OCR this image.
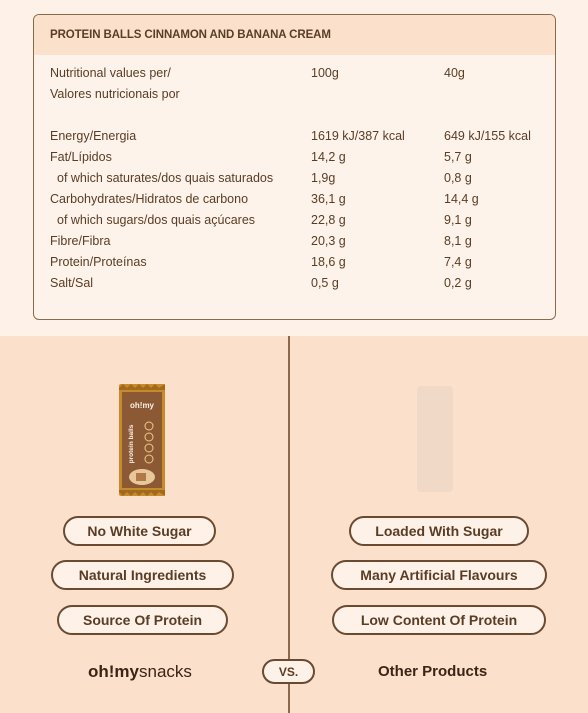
PROTEIN BALLS CINNAMON AND BANANA CREAM
Nutritional values per/	100g	40g
Valores nutricionais por
Energy/Energia	1619 kJ/387 kcal	649 kJ/155 kcal
Fat/Lípidos	14,2 g	5,7 g
of which saturates/dos quais saturados	1,9g	0,8 g
Carbohydrates/Hidratos de carbono	36,1 g	14,4 g
of which sugars/dos quais açúcares	22,8 g	9,1 g
Fibre/Fibra	20,3 g	8,1 g
Protein/Proteínas	18,6 g	7,4 g
Salt/Sal	0,5 g	0,2 g
oh!my
protein balls
No White Sugar
Natural Ingredients
Source Of Protein
Loaded With Sugar
Many Artificial Flavours
Low Content Of Protein
oh!mysnacks	VS.	Other Products
